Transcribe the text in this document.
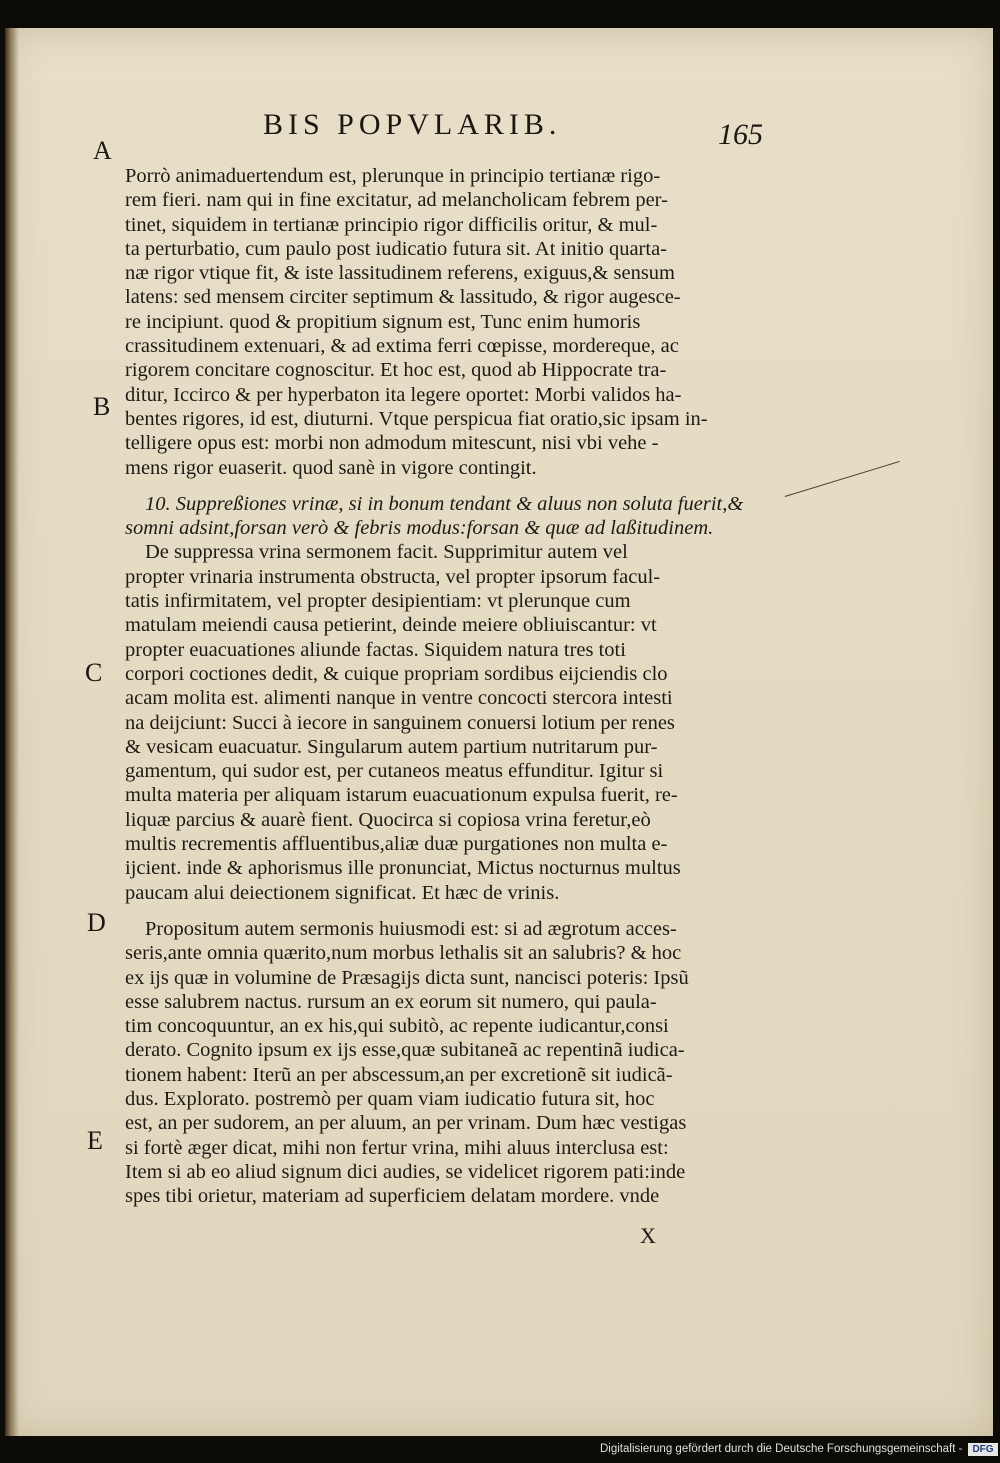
BIS POPVLARIB.	165
A
B
C
D
E
Porrò animaduertendum est, plerunque in principio tertianæ rigo-
rem fieri. nam qui in fine excitatur, ad melancholicam febrem per-
tinet, siquidem in tertianæ principio rigor difficilis oritur, & mul-
ta perturbatio, cum paulo post iudicatio futura sit. At initio quarta-
næ rigor vtique fit, & iste lassitudinem referens, exiguus,& sensum
latens: sed mensem circiter septimum & lassitudo, & rigor augesce-
re incipiunt. quod & propitium signum est, Tunc enim humoris
crassitudinem extenuari, & ad extima ferri cœpisse, mordereque, ac
rigorem concitare cognoscitur. Et hoc est, quod ab Hippocrate tra-
ditur, Iccirco & per hyperbaton ita legere oportet: Morbi validos ha-
bentes rigores, id est, diuturni. Vtque perspicua fiat oratio,sic ipsam in-
telligere opus est: morbi non admodum mitescunt, nisi vbi vehe -
mens rigor euaserit. quod sanè in vigore contingit.
10. Suppreßiones vrinæ, si in bonum tendant & aluus non soluta fuerit,&
somni adsint,forsan verò & febris modus:forsan & quæ ad laßitudinem.
De suppressa vrina sermonem facit. Supprimitur autem vel
propter vrinaria instrumenta obstructa, vel propter ipsorum facul-
tatis infirmitatem, vel propter desipientiam: vt plerunque cum
matulam meiendi causa petierint, deinde meiere obliuiscantur: vt
propter euacuationes aliunde factas. Siquidem natura tres toti
corpori coctiones dedit, & cuique propriam sordibus eijciendis clo
acam molita est. alimenti nanque in ventre concocti stercora intesti
na deijciunt: Succi à iecore in sanguinem conuersi lotium per renes
& vesicam euacuatur. Singularum autem partium nutritarum pur-
gamentum, qui sudor est, per cutaneos meatus effunditur. Igitur si
multa materia per aliquam istarum euacuationum expulsa fuerit, re-
liquæ parcius & auarè fient. Quocirca si copiosa vrina feretur,eò
multis recrementis affluentibus,aliæ duæ purgationes non multa e-
ijcient. inde & aphorismus ille pronunciat, Mictus nocturnus multus
paucam alui deiectionem significat. Et hæc de vrinis.
Propositum autem sermonis huiusmodi est: si ad ægrotum acces-
seris,ante omnia quærito,num morbus lethalis sit an salubris? & hoc
ex ijs quæ in volumine de Præsagijs dicta sunt, nancisci poteris: Ipsũ
esse salubrem nactus. rursum an ex eorum sit numero, qui paula-
tim concoquuntur, an ex his,qui subitò, ac repente iudicantur,consi
derato. Cognito ipsum ex ijs esse,quæ subitaneã ac repentinã iudica-
tionem habent: Iterũ an per abscessum,an per excretionẽ sit iudicã-
dus. Explorato. postremò per quam viam iudicatio futura sit, hoc
est, an per sudorem, an per aluum, an per vrinam. Dum hæc vestigas
si fortè æger dicat, mihi non fertur vrina, mihi aluus interclusa est:
Item si ab eo aliud signum dici audies, se videlicet rigorem pati:inde
spes tibi orietur, materiam ad superficiem delatam mordere. vnde
X
Digitalisierung gefördert durch die Deutsche Forschungsgemeinschaft -	DFG
